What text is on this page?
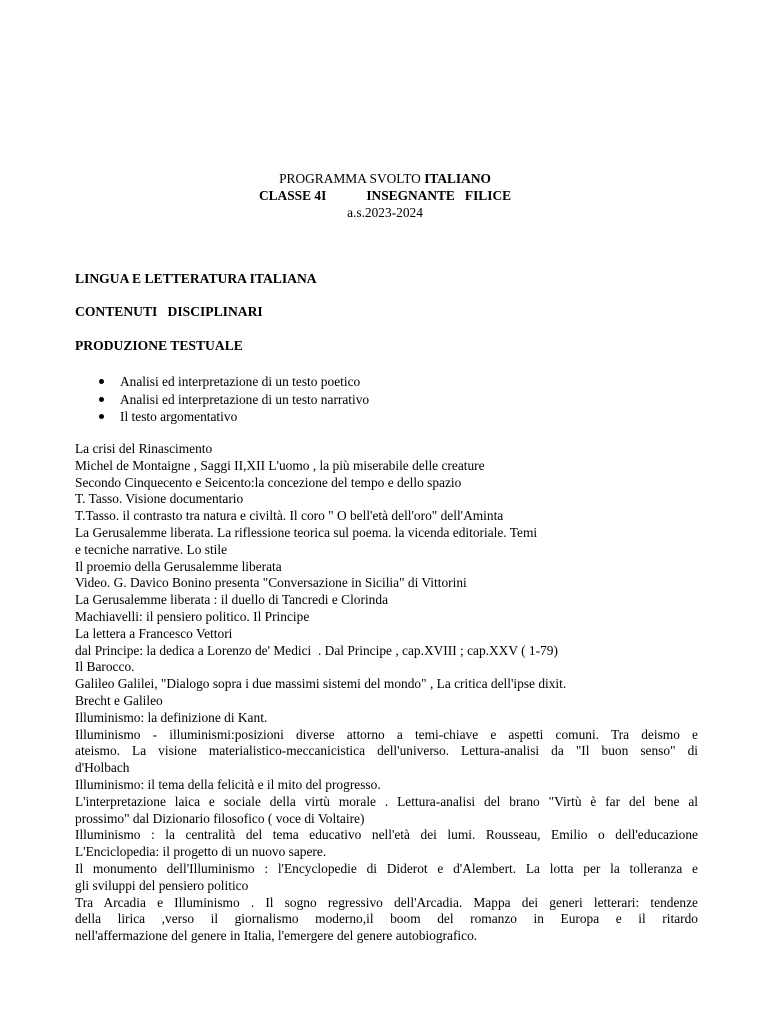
PROGRAMMA SVOLTO ITALIANO
CLASSE 4I	INSEGNANTE   FILICE
a.s.2023-2024
LINGUA E LETTERATURA ITALIANA
CONTENUTI   DISCIPLINARI
PRODUZIONE TESTUALE
Analisi ed interpretazione di un testo poetico
Analisi ed interpretazione di un testo narrativo
Il testo argomentativo
La crisi del Rinascimento
Michel de Montaigne , Saggi II,XII L'uomo , la più miserabile delle creature
Secondo Cinquecento e Seicento:la concezione del tempo e dello spazio
T. Tasso. Visione documentario
T.Tasso. il contrasto tra natura e civiltà. Il coro " O bell'età dell'oro" dell'Aminta
La Gerusalemme liberata. La riflessione teorica sul poema. la vicenda editoriale. Temi
e tecniche narrative. Lo stile
Il proemio della Gerusalemme liberata
Video. G. Davico Bonino presenta "Conversazione in Sicilia" di Vittorini
La Gerusalemme liberata : il duello di Tancredi e Clorinda
Machiavelli: il pensiero politico. Il Principe
La lettera a Francesco Vettori
dal Principe: la dedica a Lorenzo de' Medici  . Dal Principe , cap.XVIII ; cap.XXV ( 1-79)
Il Barocco.
Galileo Galilei, "Dialogo sopra i due massimi sistemi del mondo" , La critica dell'ipse dixit.
Brecht e Galileo
Illuminismo: la definizione di Kant.
Illuminismo - illuminismi:posizioni diverse attorno a temi-chiave e aspetti comuni. Tra deismo e
ateismo. La visione materialistico-meccanicistica dell'universo. Lettura-analisi da "Il buon senso" di
d'Holbach
Illuminismo: il tema della felicità e il mito del progresso.
L'interpretazione laica e sociale della virtù morale . Lettura-analisi del brano "Virtù è far del bene al
prossimo" dal Dizionario filosofico ( voce di Voltaire)
Illuminismo : la centralità del tema educativo nell'età dei lumi. Rousseau, Emilio o dell'educazione
L'Enciclopedia: il progetto di un nuovo sapere.
Il monumento dell'Illuminismo : l'Encyclopedie di Diderot e d'Alembert. La lotta per la tolleranza e
gli sviluppi del pensiero politico
Tra Arcadia e Illuminismo . Il sogno regressivo dell'Arcadia. Mappa dei generi letterari: tendenze
della lirica ,verso il giornalismo moderno,il boom del romanzo in Europa e il ritardo
nell'affermazione del genere in Italia, l'emergere del genere autobiografico.
